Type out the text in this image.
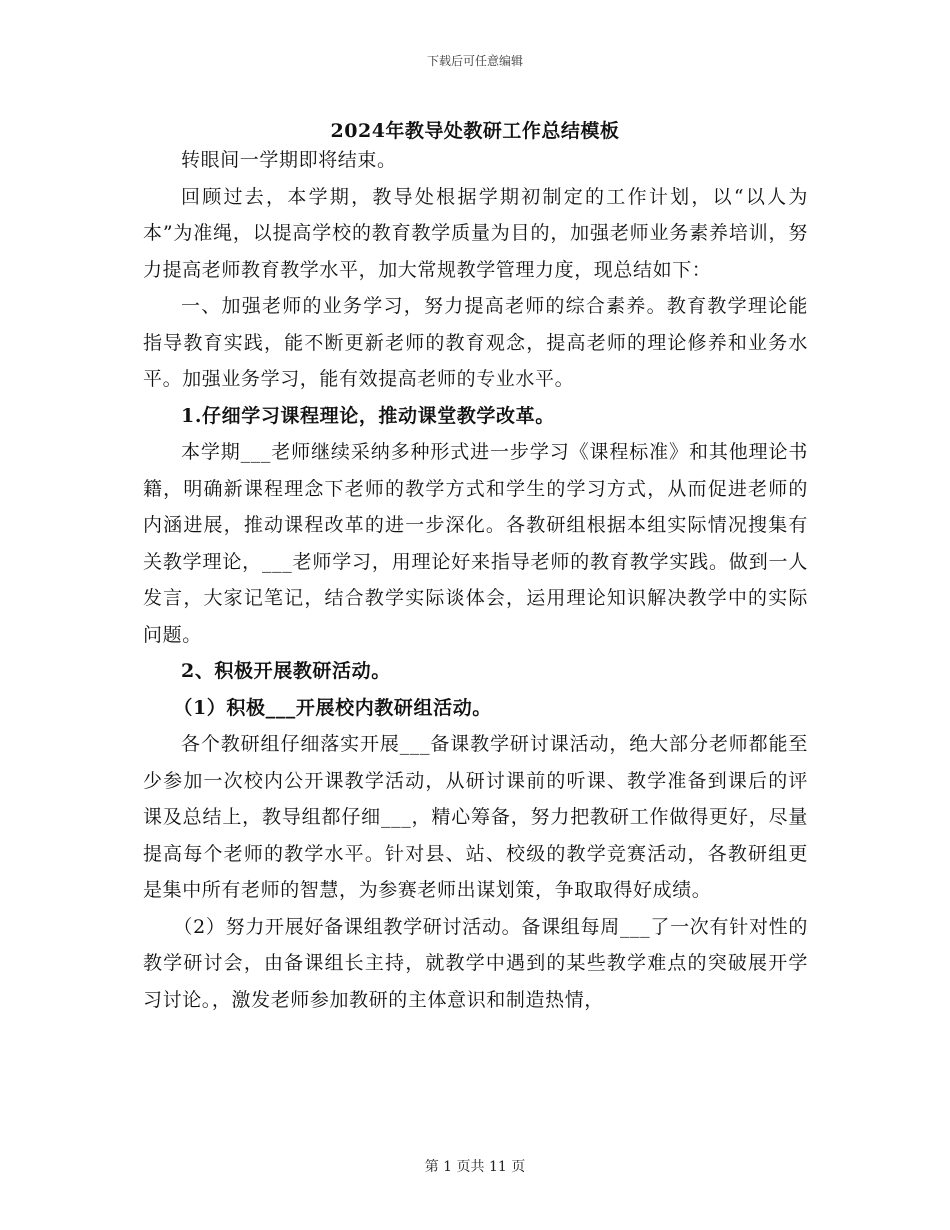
下载后可任意编辑
2024年教导处教研工作总结模板

转眼间一学期即将结束。

回顾过去，本学期，教导处根据学期初制定的工作计划，以“以人为本”为准绳，以提高学校的教育教学质量为目的，加强老师业务素养培训，努力提高老师教育教学水平，加大常规教学管理力度，现总结如下：

一、加强老师的业务学习，努力提高老师的综合素养。教育教学理论能指导教育实践，能不断更新老师的教育观念，提高老师的理论修养和业务水平。加强业务学习，能有效提高老师的专业水平。

1.仔细学习课程理论，推动课堂教学改革。

本学期___老师继续采纳多种形式进一步学习《课程标准》和其他理论书籍，明确新课程理念下老师的教学方式和学生的学习方式，从而促进老师的内涵进展，推动课程改革的进一步深化。各教研组根据本组实际情况搜集有关教学理论，___老师学习，用理论好来指导老师的教育教学实践。做到一人发言，大家记笔记，结合教学实际谈体会，运用理论知识解决教学中的实际问题。

2、积极开展教研活动。

（1）积极___开展校内教研组活动。

各个教研组仔细落实开展___备课教学研讨课活动，绝大部分老师都能至少参加一次校内公开课教学活动，从研讨课前的听课、教学准备到课后的评课及总结上，教导组都仔细___，精心筹备，努力把教研工作做得更好，尽量提高每个老师的教学水平。针对县、站、校级的教学竞赛活动，各教研组更是集中所有老师的智慧，为参赛老师出谋划策，争取取得好成绩。

（2）努力开展好备课组教学研讨活动。备课组每周___了一次有针对性的教学研讨会，由备课组长主持，就教学中遇到的某些教学难点的突破展开学习讨论。，激发老师参加教研的主体意识和制造热情，

第 1 页共 11 页
